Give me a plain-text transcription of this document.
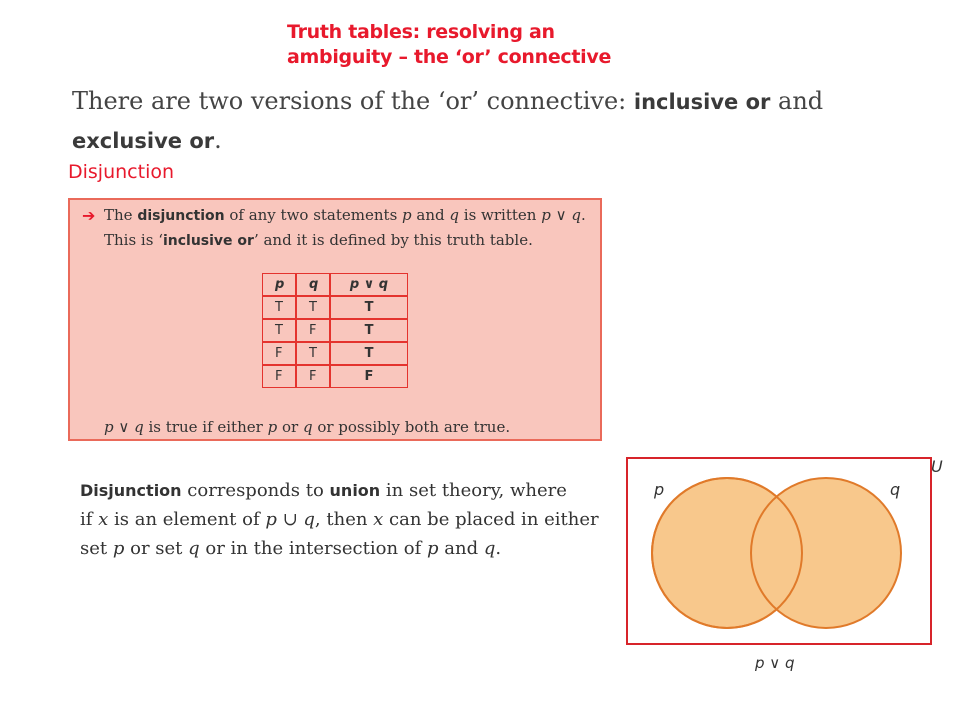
Truth tables: resolving an
ambiguity – the ‘or’ connective
There are two versions of the ‘or’ connective: inclusive or and
exclusive or.
Disjunction
➔ The disjunction of any two statements p and q is written p ∨ q.
This is ‘inclusive or’ and it is defined by this truth table.
p	q	p ∨ q
T	T	T
T	F	T
F	T	T
F	F	F
p ∨ q is true if either p or q or possibly both are true.
Disjunction corresponds to union in set theory, where
if x is an element of p ∪ q, then x can be placed in either
set p or set q or in the intersection of p and q.
U
p	q
p ∨ q
